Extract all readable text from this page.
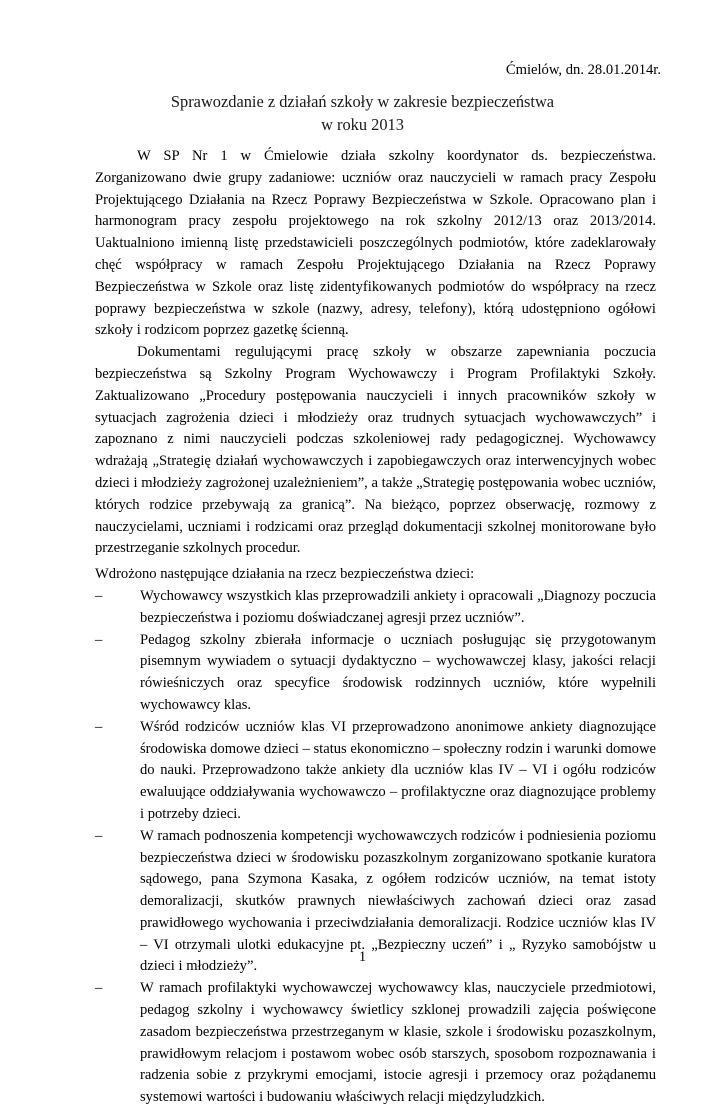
Ćmielów, dn. 28.01.2014r.
Sprawozdanie z działań szkoły w zakresie bezpieczeństwa
w roku 2013

W SP Nr 1 w Ćmielowie działa szkolny koordynator ds. bezpieczeństwa. Zorganizowano dwie grupy zadaniowe: uczniów oraz nauczycieli w ramach pracy Zespołu Projektującego Działania na Rzecz Poprawy Bezpieczeństwa w Szkole. Opracowano plan i harmonogram pracy zespołu projektowego na rok szkolny 2012/13 oraz 2013/2014. Uaktualniono imienną listę przedstawicieli poszczególnych podmiotów, które zadeklarowały chęć współpracy w ramach Zespołu Projektującego Działania na Rzecz Poprawy Bezpieczeństwa w Szkole oraz listę zidentyfikowanych podmiotów do współpracy na rzecz poprawy bezpieczeństwa w szkole (nazwy, adresy, telefony), którą udostępniono ogółowi szkoły i rodzicom poprzez gazetkę ścienną.

Dokumentami regulującymi pracę szkoły w obszarze zapewniania poczucia bezpieczeństwa są Szkolny Program Wychowawczy i Program Profilaktyki Szkoły. Zaktualizowano „Procedury postępowania nauczycieli i innych pracowników szkoły w sytuacjach zagrożenia dzieci i młodzieży oraz trudnych sytuacjach wychowawczych” i zapoznano z nimi nauczycieli podczas szkoleniowej rady pedagogicznej. Wychowawcy wdrażają „Strategię działań wychowawczych i zapobiegawczych oraz interwencyjnych wobec dzieci i młodzieży zagrożonej uzależnieniem”, a także „Strategię postępowania wobec uczniów, których rodzice przebywają za granicą”. Na bieżąco, poprzez obserwację, rozmowy z nauczycielami, uczniami i rodzicami oraz przegląd dokumentacji szkolnej monitorowane było przestrzeganie szkolnych procedur.

Wdrożono następujące działania na rzecz bezpieczeństwa dzieci:

–	Wychowawcy wszystkich klas przeprowadzili ankiety i opracowali „Diagnozy poczucia bezpieczeństwa i poziomu doświadczanej agresji przez uczniów”.
–	Pedagog szkolny zbierała informacje o uczniach posługując się przygotowanym pisemnym wywiadem o sytuacji dydaktyczno – wychowawczej klasy, jakości relacji rówieśniczych oraz specyfice środowisk rodzinnych uczniów, które wypełnili wychowawcy klas.
–	Wśród rodziców uczniów klas VI przeprowadzono anonimowe ankiety diagnozujące środowiska domowe dzieci – status ekonomiczno – społeczny rodzin i warunki domowe do nauki. Przeprowadzono także ankiety dla uczniów klas IV – VI i ogółu rodziców ewaluujące oddziaływania wychowawczo – profilaktyczne oraz diagnozujące problemy i potrzeby dzieci.
–	W ramach podnoszenia kompetencji wychowawczych rodziców i podniesienia poziomu bezpieczeństwa dzieci w środowisku pozaszkolnym zorganizowano spotkanie kuratora sądowego, pana Szymona Kasaka, z ogółem rodziców uczniów, na temat istoty demoralizacji, skutków prawnych niewłaściwych zachowań dzieci oraz zasad prawidłowego wychowania i przeciwdziałania demoralizacji. Rodzice uczniów klas IV – VI otrzymali ulotki edukacyjne pt. „Bezpieczny uczeń” i „ Ryzyko samobójstw u dzieci i młodzieży”.
–	W ramach profilaktyki wychowawczej wychowawcy klas, nauczyciele przedmiotowi, pedagog szkolny i wychowawcy świetlicy szklonej prowadzili zajęcia poświęcone zasadom bezpieczeństwa przestrzeganym w klasie, szkole i środowisku pozaszkolnym, prawidłowym relacjom i postawom wobec osób starszych, sposobom rozpoznawania i radzenia sobie z przykrymi emocjami, istocie agresji i przemocy oraz pożądanemu systemowi wartości i budowaniu właściwych relacji międzyludzkich.
1
